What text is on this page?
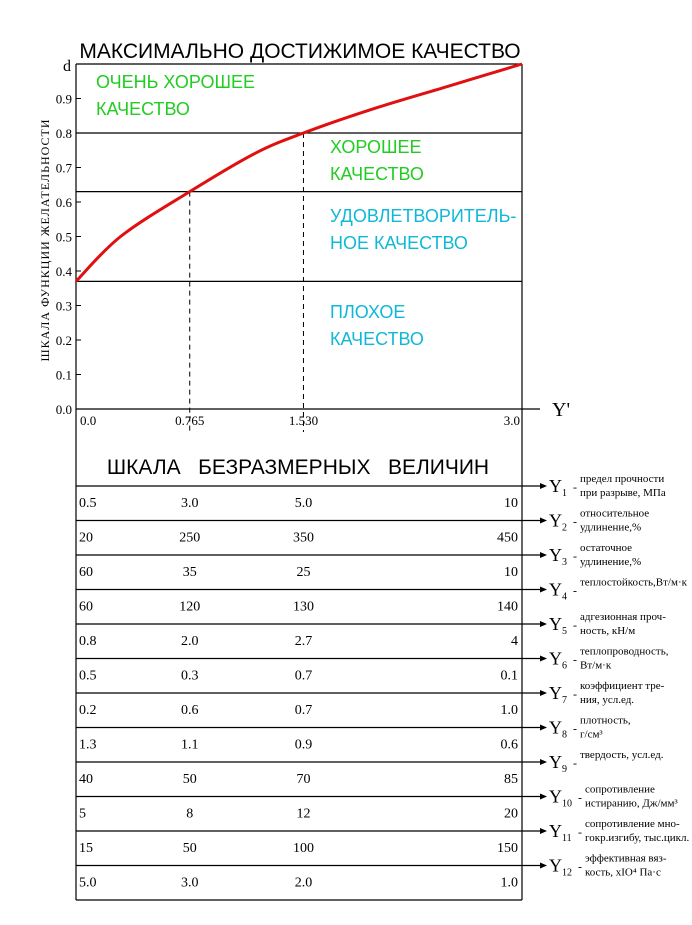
МАКСИМАЛЬНО ДОСТИЖИМОЕ КАЧЕСТВО
d
ШКАЛА ФУНКЦИИ ЖЕЛАТЕЛЬНОСТИ
0.0
0.1
0.2
0.3
0.4
0.5
0.6
0.7
0.8
0.9
0.0	0.765	1.530	3.0 Y'
ОЧЕНЬ ХОРОШЕЕ
КАЧЕСТВО
ХОРОШЕЕ
КАЧЕСТВО
УДОВЛЕТВОРИТЕЛЬ-
НОЕ КАЧЕСТВО
ПЛОХОЕ
КАЧЕСТВО
ШКАЛА   БЕЗРАЗМЕРНЫХ   ВЕЛИЧИН
0.5	3.0	5.0	10
$Y_1$ -
предел прочности
при разрыве, МПа
20	250	350	450
$Y_2$ -
относительное
удлинение,%
60	35	25	10
$Y_3$ -
остаточное
удлинение,%
60	120	130	140
$Y_4$ -
теплостойкость,Вт/м·к
0.8	2.0	2.7	4
$Y_5$ -
адгезионная проч-
ность, кН/м
0.5	0.3	0.7	0.1
$Y_6$ -
теплопроводность,
Вт/м·к
0.2	0.6	0.7	1.0
$Y_7$ -
коэффициент тре-
ния, усл.ед.
1.3	1.1	0.9	0.6
$Y_8$ -
плотность,
г/см³
40	50	70	85
$Y_9$ -
твердость, усл.ед.
5	8	12	20
$Y_{10}$ -
сопротивление
истиранию, Дж/мм³
15	50	100	150
$Y_{11}$ -
сопротивление мно-
гокр.изгибу, тыс.цикл.
5.0	3.0	2.0	1.0
$Y_{12}$ -
эффективная вяз-
кость, xIO⁴ Па·с
